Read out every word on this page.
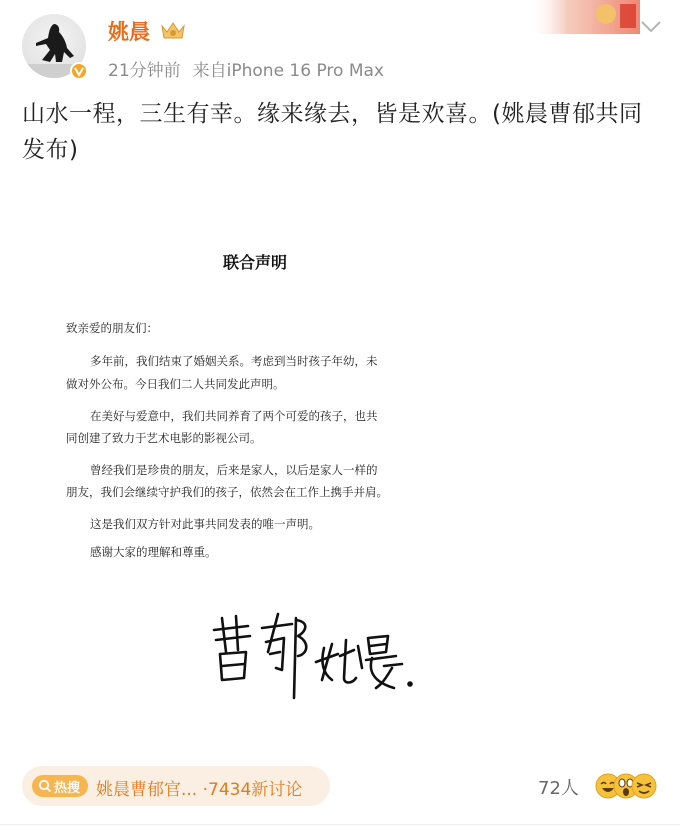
姚晨
21分钟前 来自iPhone 16 Pro Max
山水一程，三生有幸。缘来缘去，皆是欢喜。(姚晨曹郁共同发布)
联合声明
致亲爱的朋友们：
多年前，我们结束了婚姻关系。考虑到当时孩子年幼，未
做对外公布。今日我们二人共同发此声明。
在美好与爱意中，我们共同养育了两个可爱的孩子，也共
同创建了致力于艺术电影的影视公司。
曾经我们是珍贵的朋友，后来是家人，以后是家人一样的
朋友，我们会继续守护我们的孩子，依然会在工作上携手并肩。
这是我们双方针对此事共同发表的唯一声明。
感谢大家的理解和尊重。
热搜 姚晨曹郁官... ·7434新讨论	72人
